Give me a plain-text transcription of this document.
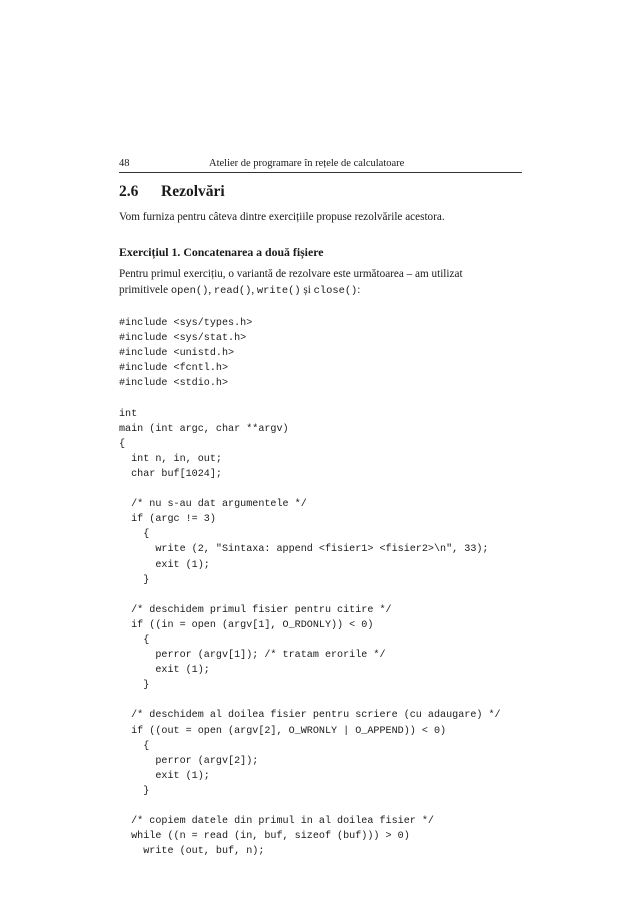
48	Atelier de programare în rețele de calculatoare
2.6 Rezolvări
Vom furniza pentru câteva dintre exercițiile propuse rezolvările acestora.
Exercițiul 1. Concatenarea a două fișiere
Pentru primul exercițiu, o variantă de rezolvare este următoarea – am utilizat
primitivele open(), read(), write() și close():
#include <sys/types.h>
#include <sys/stat.h>
#include <unistd.h>
#include <fcntl.h>
#include <stdio.h>

int
main (int argc, char **argv)
{
int n, in, out;
char buf[1024];

/* nu s-au dat argumentele */
if (argc != 3)
{
write (2, "Sintaxa: append <fisier1> <fisier2>\n", 33);
exit (1);
}

/* deschidem primul fisier pentru citire */
if ((in = open (argv[1], O_RDONLY)) < 0)
{
perror (argv[1]); /* tratam erorile */
exit (1);
}

/* deschidem al doilea fisier pentru scriere (cu adaugare) */
if ((out = open (argv[2], O_WRONLY | O_APPEND)) < 0)
{
perror (argv[2]);
exit (1);
}

/* copiem datele din primul in al doilea fisier */
while ((n = read (in, buf, sizeof (buf))) > 0)
write (out, buf, n);
